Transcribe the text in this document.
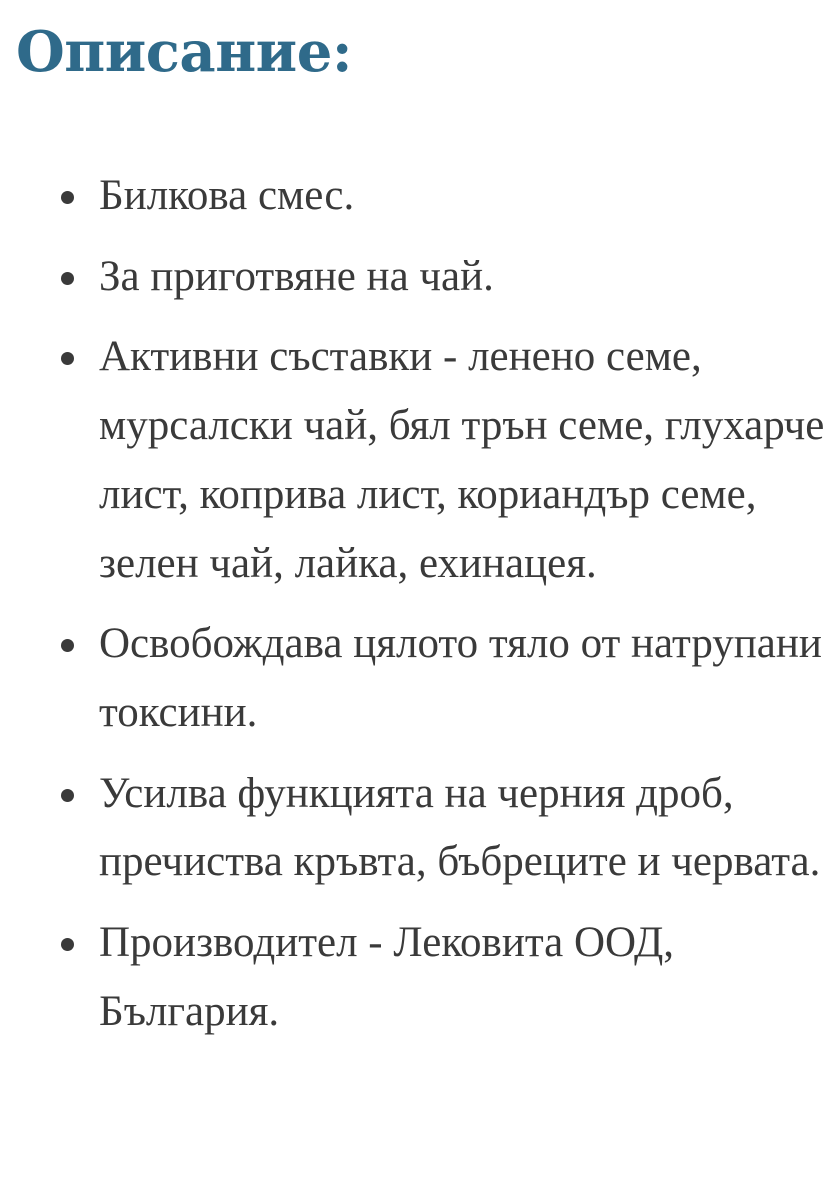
Описание:
Билкова смес.
За приготвяне на чай.
Активни съставки - ленено семе, мурсалски чай, бял трън семе, глухарче лист, коприва лист, кориандър семе, зелен чай, лайка, ехинацея.
Освобождава цялото тяло от натрупани токсини.
Усилва функцията на черния дроб, пречиства кръвта, бъбреците и червата.
Производител - Лековита ООД, България.
